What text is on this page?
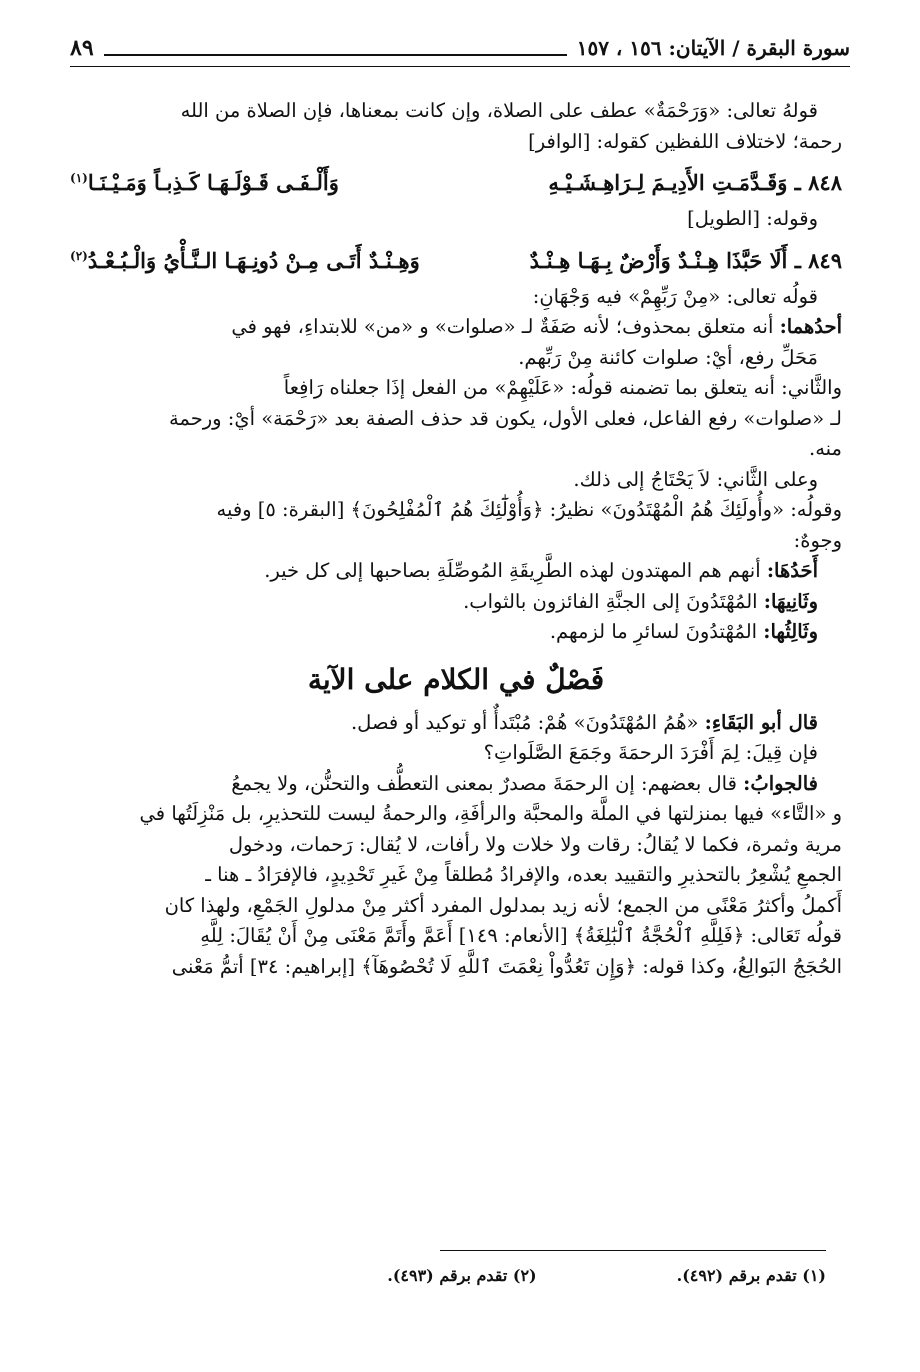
سورة البقرة / الآيتان: ١٥٦ ، ١٥٧
٨٩

قولهُ تعالى: «وَرَحْمَةٌ» عطف على الصلاة، وإن كانت بمعناها، فإن الصلاة من الله

رحمة؛ لاختلاف اللفظين كقوله: [الوافر]

٨٤٨ ـ وَقَـدَّمَـتِ الأَدِيـمَ لِـرَاهِـشَـيْـهِ
وَأَلْـفَـى قَـوْلَـهَـا كَـذِبـاً وَمَـيْـنَـا$^{(١)}$

وقوله: [الطويل]

٨٤٩ ـ أَلَا حَبَّذَا هِـنْـدٌ وَأَرْضٌ بِـهَـا هِـنْـدٌ
وَهِـنْـدٌ أَتَـى مِـنْ دُونِـهَـا الـنَّـأْيُ وَالْـبُـعْـدُ$^{(٢)}$

قولُه تعالى: «مِنْ رَبِّهِمْ» فيه وَجْهَانِ:

أحدُهما: أنه متعلق بمحذوف؛ لأنه صَفَةٌ لـ «صلوات» و «من» للابتداءِ، فهو في

مَحَلِّ رفع، أيْ: صلوات كائنة مِنْ رَبِّهم.

والثَّاني: أنه يتعلق بما تضمنه قولُه: «عَلَيْهِمْ» من الفعل إذَا جعلناه رَافِعاً

لـ «صلوات» رفع الفاعل، فعلى الأول، يكون قد حذف الصفة بعد «رَحْمَة» أيْ: ورحمة

منه.

وعلى الثَّاني: لاَ يَحْتَاجُ إلى ذلك.

وقولُه: «وأُولَئِكَ هُمُ الْمُهْتَدُونَ» نظيرُ: ﴿وَأُوْلَٰٓئِكَ هُمُ ٱلْمُفْلِحُونَ﴾ [البقرة: ٥] وفيه

وجوهٌ:

أَحَدُهَا: أنهم هم المهتدون لهذه الطَّرِيقَةِ المُوصِّلَةِ بصاحبها إلى كل خير.

وثَانِيهَا: المُهْتَدُونَ إلى الجنَّةِ الفائزون بالثواب.

وثَالِثُها: المُهْتدُونَ لسائرِ ما لزمهم.

فَصْلٌ في الكلام على الآية

قال أبو البَقَاءِ: «هُمُ المُهْتَدُونَ» هُمْ: مُبْتَدأٌ أو توكيد أو فصل.

فإن قِيلَ: لِمَ أَفْرَدَ الرحمَةَ وجَمَعَ الصَّلَواتِ؟

فالجوابُ: قال بعضهم: إن الرحمَةَ مصدرٌ بمعنى التعطُّف والتحنُّن، ولا يجمعُ

و «التَّاء» فيها بمنزلتها في الملَّة والمحبَّة والرأفَةِ، والرحمةُ ليست للتحذيرِ، بل مَنْزِلَتُها في

مرية وثمرة، فكما لا يُقالُ: رقات ولا خلات ولا رأفات، لا يُقال: رَحمات، ودخول

الجمعِ يُشْعِرُ بالتحذيرِ والتقييد بعده، والإفرادُ مُطلقاً مِنْ غَيرِ تَحْدِيدٍ، فالإفرَادُ ـ هنا ـ

أَكملُ وأكثرُ مَعْنًى من الجمع؛ لأنه زيد بمدلول المفرد أكثر مِنْ مدلولِ الجَمْعِ، ولهذا كان

قولُه تَعَالى: ﴿فَلِلَّهِ ٱلْحُجَّةُ ٱلْبَٰلِغَةُ﴾ [الأنعام: ١٤٩] أَعَمَّ وأَتَمَّ مَعْنَى مِنْ أَنْ يُقَالَ: لِلَّهِ

الحُجَجُ البَوالِغُ، وكذا قوله: ﴿وَإِن تَعُدُّواْ نِعْمَتَ ٱللَّهِ لَا تُحْصُوهَآ﴾ [إبراهيم: ٣٤] أتمُّ مَعْنى

(١) تقدم برقم (٤٩٢).
(٢) تقدم برقم (٤٩٣).
